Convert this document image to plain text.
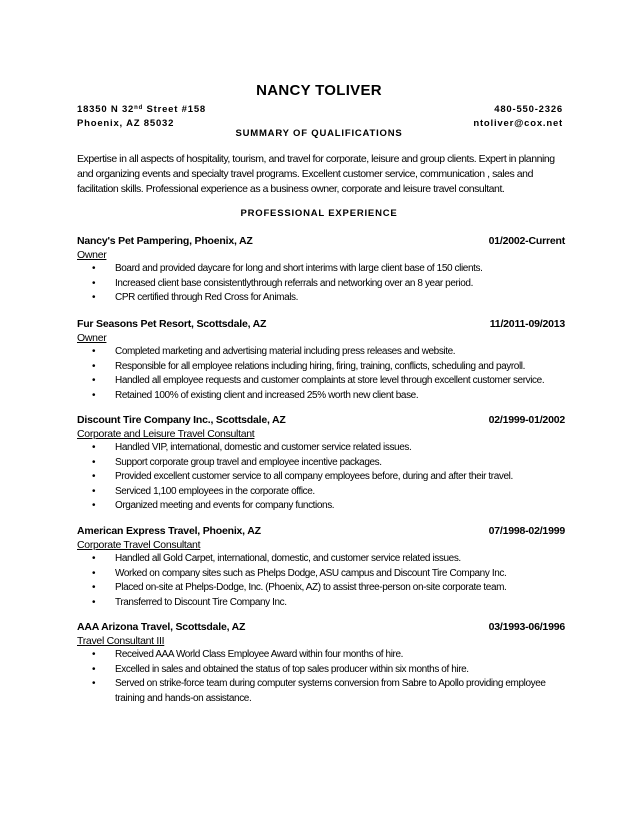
NANCY TOLIVER
18350 N 32nd Street #158	480-550-2326
Phoenix, AZ 85032	ntoliver@cox.net
SUMMARY OF QUALIFICATIONS

Expertise in all aspects of hospitality, tourism, and travel for corporate, leisure and group clients. Expert in planning
and organizing events and specialty travel programs. Excellent customer service, communication , sales and
facilitation skills. Professional experience as a business owner, corporate and leisure travel consultant.

PROFESSIONAL EXPERIENCE
Nancy's Pet Pampering, Phoenix, AZ	01/2002-Current
Owner
• Board and provided daycare for long and short interims with large client base of 150 clients.
• Increased client base consistentlythrough referrals and networking over an 8 year period.
• CPR certified through Red Cross for Animals.
Fur Seasons Pet Resort, Scottsdale, AZ	11/2011-09/2013
Owner
• Completed marketing and advertising material including press releases and website.
• Responsible for all employee relations including hiring, firing, training, conflicts, scheduling and payroll.
• Handled all employee requests and customer complaints at store level through excellent customer service.
• Retained 100% of existing client and increased 25% worth new client base.
Discount Tire Company Inc., Scottsdale, AZ	02/1999-01/2002
Corporate and Leisure Travel Consultant
• Handled VIP, international, domestic and customer service related issues.
• Support corporate group travel and employee incentive packages.
• Provided excellent customer service to all company employees before, during and after their travel.
• Serviced 1,100 employees in the corporate office.
• Organized meeting and events for company functions.
American Express Travel, Phoenix, AZ	07/1998-02/1999
Corporate Travel Consultant
• Handled all Gold Carpet, international, domestic, and customer service related issues.
• Worked on company sites such as Phelps Dodge, ASU campus and Discount Tire Company Inc.
• Placed on-site at Phelps-Dodge, Inc. (Phoenix, AZ) to assist three-person on-site corporate team.
• Transferred to Discount Tire Company Inc.
AAA Arizona Travel, Scottsdale, AZ	03/1993-06/1996
Travel Consultant III
• Received AAA World Class Employee Award within four months of hire.
• Excelled in sales and obtained the status of top sales producer within six months of hire.
• Served on strike-force team during computer systems conversion from Sabre to Apollo providing employee
training and hands-on assistance.
